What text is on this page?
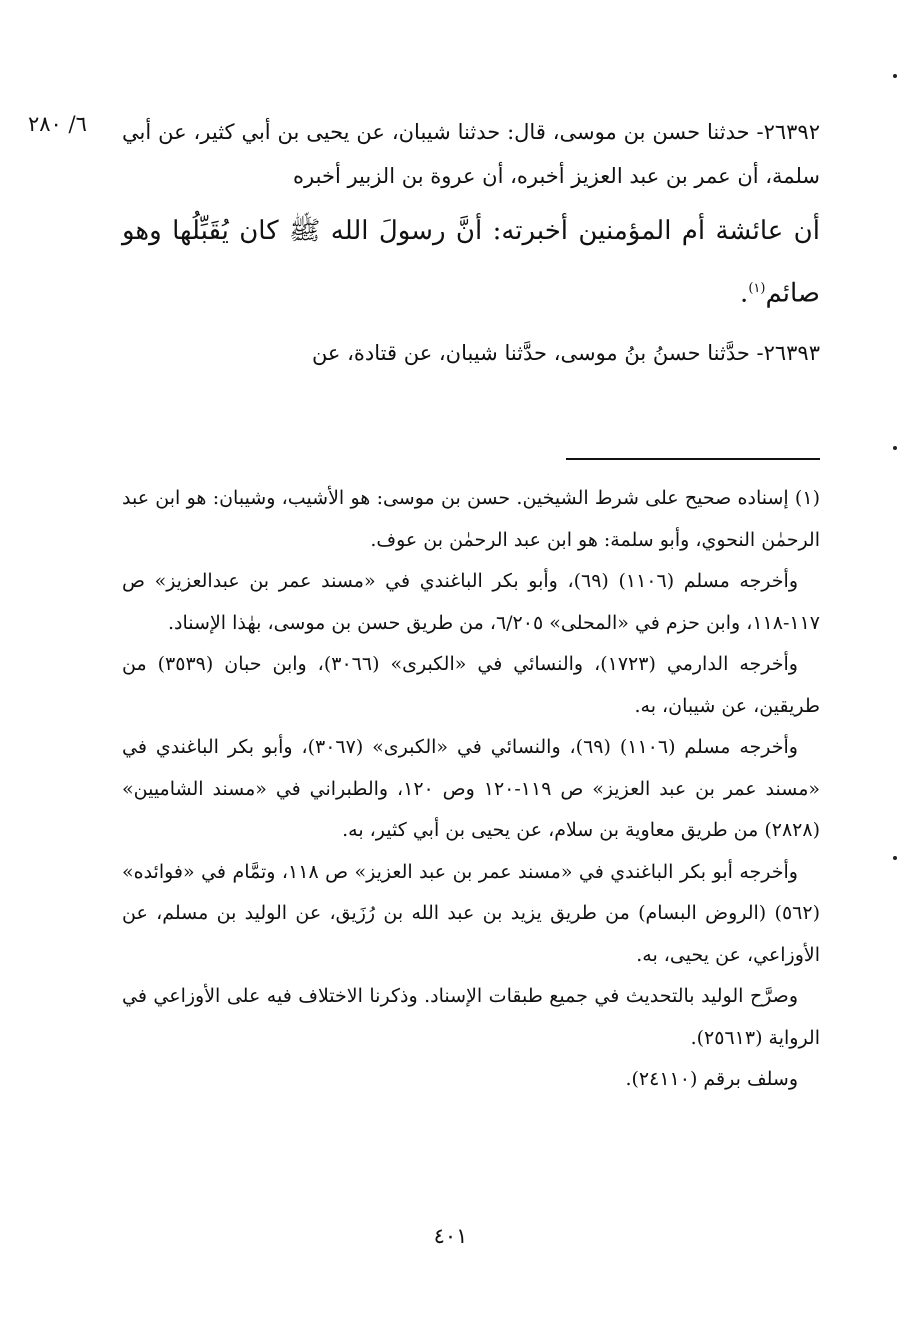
٦/ ٢٨٠	٢٦٣٩٢- حدثنا حسن بن موسى، قال: حدثنا شيبان، عن يحيى بن أبي كثير، عن أبي سلمة، أن عمر بن عبد العزيز أخبره، أن عروة بن الزبير أخبره

أن عائشة أم المؤمنين أخبرته: أنَّ رسولَ الله ﷺ كان يُقَبِّلُها وهو صائم$^{(١)}$.

٢٦٣٩٣- حدَّثنا حسنُ بنُ موسى، حدَّثنا شيبان، عن قتادة، عن

(١) إسناده صحيح على شرط الشيخين. حسن بن موسى: هو الأشيب، وشيبان: هو ابن عبد الرحمٰن النحوي، وأبو سلمة: هو ابن عبد الرحمٰن بن عوف.

وأخرجه مسلم (١١٠٦) (٦٩)، وأبو بكر الباغندي في «مسند عمر بن عبدالعزيز» ص ١١٧-١١٨، وابن حزم في «المحلى» ٦/٢٠٥، من طريق حسن بن موسى، بهٰذا الإسناد.

وأخرجه الدارمي (١٧٢٣)، والنسائي في «الكبرى» (٣٠٦٦)، وابن حبان (٣٥٣٩) من طريقين، عن شيبان، به.

وأخرجه مسلم (١١٠٦) (٦٩)، والنسائي في «الكبرى» (٣٠٦٧)، وأبو بكر الباغندي في «مسند عمر بن عبد العزيز» ص ١١٩-١٢٠ وص ١٢٠، والطبراني في «مسند الشاميين» (٢٨٢٨) من طريق معاوية بن سلام، عن يحيى بن أبي كثير، به.

وأخرجه أبو بكر الباغندي في «مسند عمر بن عبد العزيز» ص ١١٨، وتمَّام في «فوائده» (٥٦٢) (الروض البسام) من طريق يزيد بن عبد الله بن رُزَيق، عن الوليد بن مسلم، عن الأوزاعي، عن يحيى، به.

وصرَّح الوليد بالتحديث في جميع طبقات الإسناد. وذكرنا الاختلاف فيه على الأوزاعي في الرواية (٢٥٦١٣).

وسلف برقم (٢٤١١٠).

٤٠١
